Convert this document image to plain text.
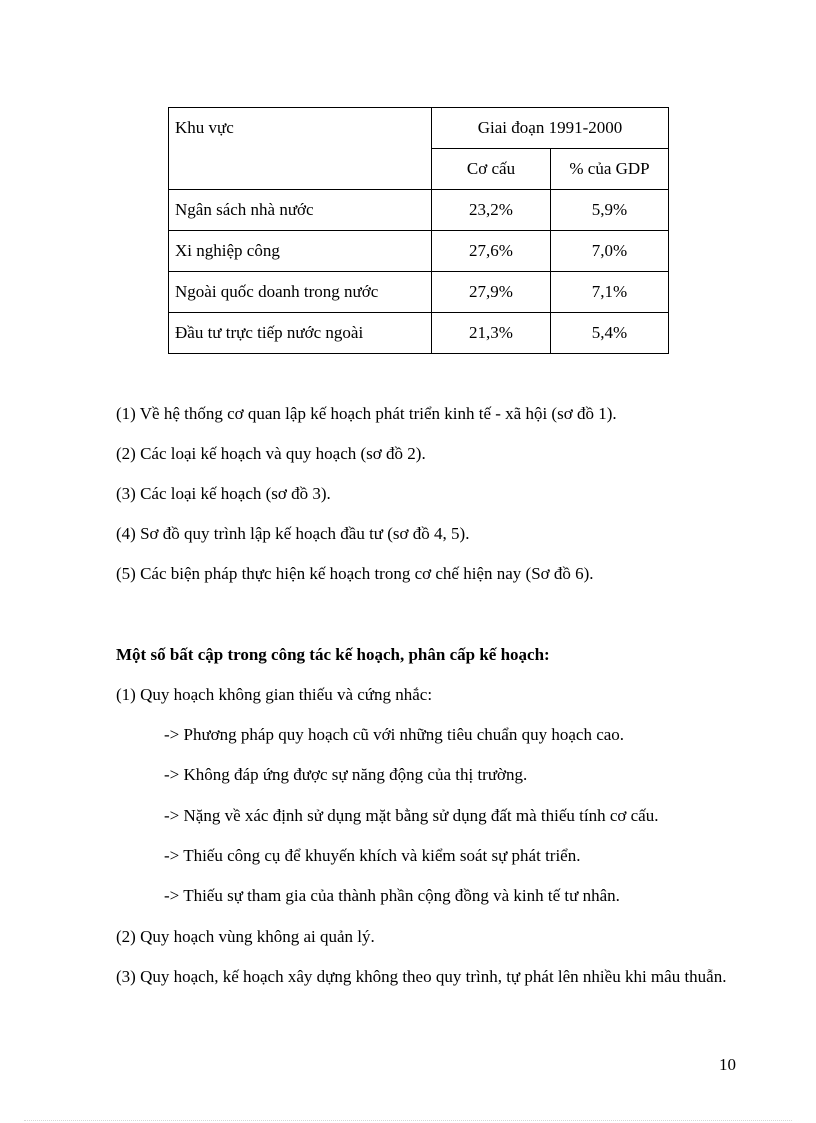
Khu vực	Giai đoạn 1991-2000	
	Cơ cấu	% của GDP
Ngân sách nhà nước	23,2%	5,9%
Xi nghiệp công	27,6%	7,0%
Ngoài quốc doanh trong nước	27,9%	7,1%
Đầu tư trực tiếp nước ngoài	21,3%	5,4%
(1) Về hệ thống cơ quan lập kế hoạch phát triển kinh tế - xã hội (sơ đồ 1).
(2) Các loại kế hoạch và quy hoạch (sơ đồ 2).
(3) Các loại kế hoạch (sơ đồ 3).
(4) Sơ đồ quy trình lập kế hoạch đầu tư (sơ đồ 4, 5).
(5) Các biện pháp thực hiện kế hoạch trong cơ chế hiện nay (Sơ đồ 6).
Một số bất cập trong công tác kế hoạch, phân cấp kế hoạch:
(1) Quy hoạch không gian thiếu và cứng nhắc:
-> Phương pháp quy hoạch cũ với những tiêu chuẩn quy hoạch cao.
-> Không đáp ứng được sự năng động của thị trường.
-> Nặng về xác định sử dụng mặt bằng sử dụng đất mà thiếu tính cơ cấu.
-> Thiếu công cụ để khuyến khích và kiểm soát sự phát triển.
-> Thiếu sự tham gia của thành phần cộng đồng và kinh tế tư nhân.
(2) Quy hoạch vùng không ai quản lý.
(3) Quy hoạch, kế hoạch xây dựng không theo quy trình, tự phát lên nhiều khi mâu thuẫn.
10
